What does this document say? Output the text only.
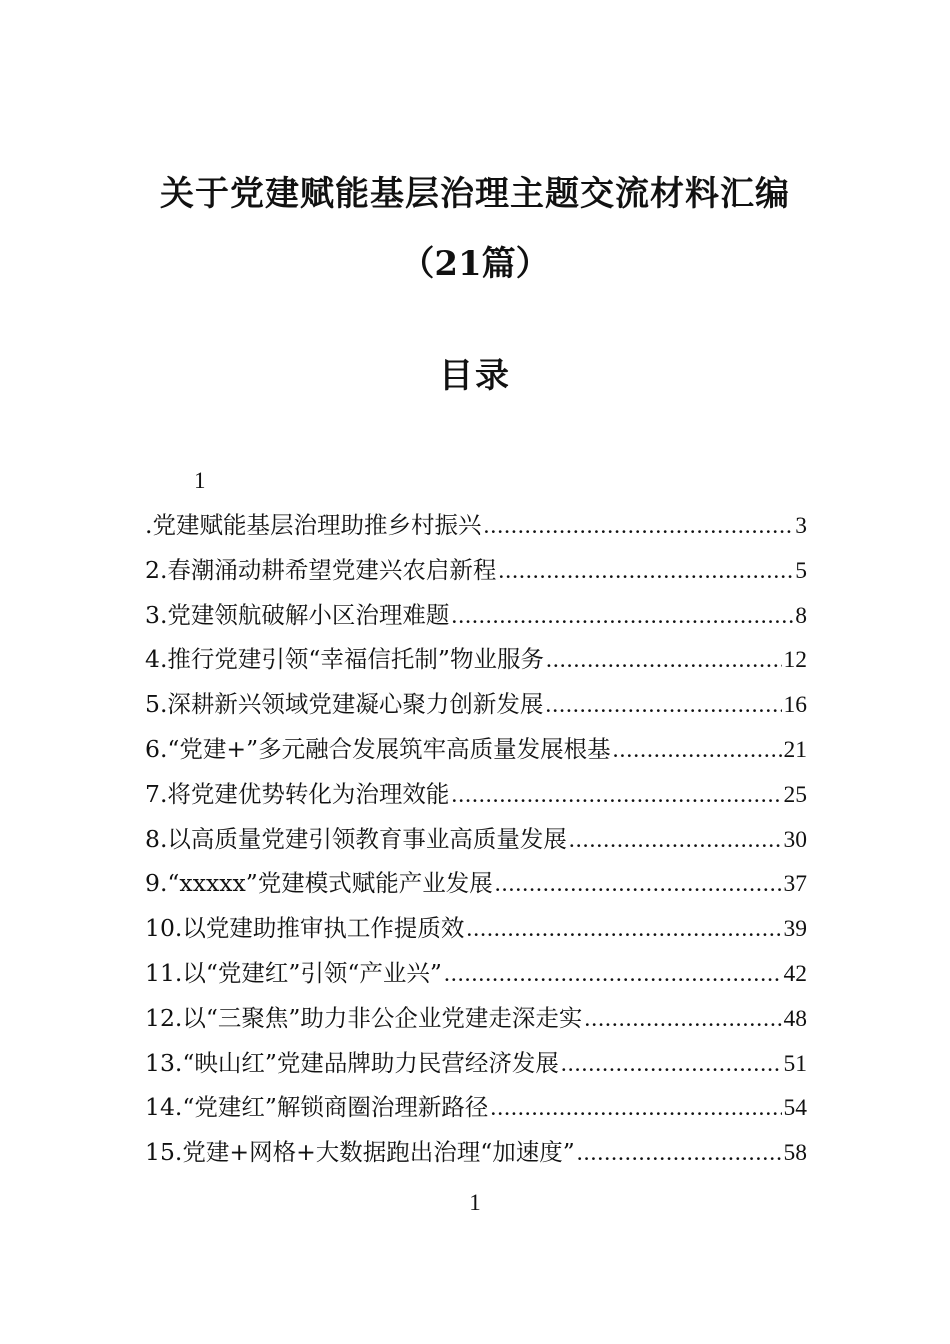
关于党建赋能基层治理主题交流材料汇编
（21篇）
目录
1
.党建赋能基层治理助推乡村振兴 .....	3
2.春潮涌动耕希望党建兴农启新程 .....	5
3.党建领航破解小区治理难题 .....	8
4.推行党建引领“幸福信托制”物业服务 .....	12
5.深耕新兴领域党建凝心聚力创新发展 .....	16
6.“党建+”多元融合发展筑牢高质量发展根基 .....	21
7.将党建优势转化为治理效能 .....	25
8.以高质量党建引领教育事业高质量发展 .....	30
9.“xxxxx”党建模式赋能产业发展 .....	37
10.以党建助推审执工作提质效 .....	39
11.以“党建红”引领“产业兴” .....	42
12.以“三聚焦”助力非公企业党建走深走实 .....	48
13.“映山红”党建品牌助力民营经济发展 .....	51
14.“党建红”解锁商圈治理新路径 .....	54
15.党建+网格+大数据跑出治理“加速度” .....	58
1
